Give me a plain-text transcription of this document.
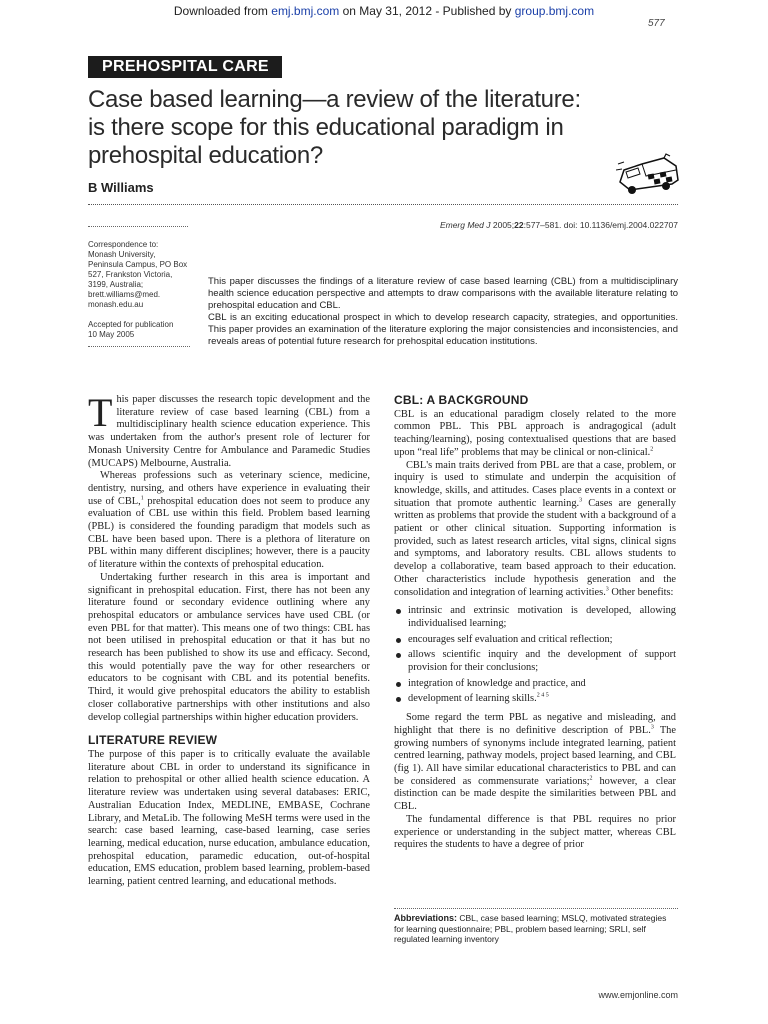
Downloaded from emj.bmj.com on May 31, 2012 - Published by group.bmj.com
577
PREHOSPITAL CARE
Case based learning—a review of the literature: is there scope for this educational paradigm in prehospital education?
B Williams
Emerg Med J 2005;22:577–581. doi: 10.1136/emj.2004.022707

Correspondence to:

Monash University,

Peninsula Campus, PO Box

527, Frankston Victoria,

3199, Australia;

brett.williams@med.

monash.edu.au

Accepted for publication

10 May 2005

This paper discusses the findings of a literature review of case based learning (CBL) from a multidisciplinary health science education perspective and attempts to draw comparisons with the available literature relating to prehospital education and CBL.

CBL is an exciting educational prospect in which to develop research capacity, strategies, and opportunities. This paper provides an examination of the literature exploring the major consistencies and inconsistencies, and reveals areas of potential future research for prehospital education institutions.

This paper discusses the research topic development and the literature review of case based learning (CBL) from a multidisciplinary health science education experience. This was undertaken from the author's present role of lecturer for Monash University Centre for Ambulance and Paramedic Studies (MUCAPS) Melbourne, Australia.

Whereas professions such as veterinary science, medicine, dentistry, nursing, and others have experience in evaluating their use of CBL,$^1$ prehospital education does not seem to produce any evaluation of CBL use within this field. Problem based learning (PBL) is considered the founding paradigm that models such as CBL have been based upon. There is a plethora of literature on PBL within many different disciplines; however, there is a paucity of literature within the contexts of prehospital education.

Undertaking further research in this area is important and significant in prehospital education. First, there has not been any literature found or secondary evidence outlining where any prehospital educators or ambulance services have used CBL (or even PBL for that matter). This means one of two things: CBL has not been utilised in prehospital education or that it has but no research has been published to show its use and efficacy. Second, this would potentially pave the way for other researchers or educators to be cognisant with CBL and its potential benefits. Third, it would give prehospital educators the ability to establish closer collaborative partnerships with other institutions and also develop collegial partnerships within higher education providers.

LITERATURE REVIEW

The purpose of this paper is to critically evaluate the available literature about CBL in order to understand its significance in relation to prehospital or other allied health science education. A literature review was undertaken using several databases: ERIC, Australian Education Index, MEDLINE, EMBASE, Cochrane Library, and MetaLib. The following MeSH terms were used in the search: case based learning, case-based learning, case series learning, medical education, nurse education, ambulance education, prehospital education, paramedic education, out-of-hospital education, EMS education, problem based learning, problem-based learning, patient centred learning, and educational methods.

CBL: A BACKGROUND

CBL is an educational paradigm closely related to the more common PBL. This PBL approach is andragogical (adult teaching/learning), posing contextualised questions that are based upon “real life” problems that may be clinical or non-clinical.$^2$

CBL's main traits derived from PBL are that a case, problem, or inquiry is used to stimulate and underpin the acquisition of knowledge, skills, and attitudes. Cases place events in a context or situation that promote authentic learning.$^3$ Cases are generally written as problems that provide the student with a background of a patient or other clinical situation. Supporting information is provided, such as latest research articles, vital signs, clinical signs and symptoms, and laboratory results. CBL allows students to develop a collaborative, team based approach to their education. Other characteristics include hypothesis generation and the consolidation and integration of learning activities.$^3$ Other benefits:

intrinsic and extrinsic motivation is developed, allowing individualised learning;
encourages self evaluation and critical reflection;
allows scientific inquiry and the development of support provision for their conclusions;
integration of knowledge and practice, and
development of learning skills.$^{2 4 5}$

Some regard the term PBL as negative and misleading, and highlight that there is no definitive description of PBL.$^3$ The growing numbers of synonyms include integrated learning, patient centred learning, pathway models, project based learning, and CBL (fig 1). All have similar educational characteristics to PBL and can be considered as commensurate variations;$^2$ however, a clear distinction can be made despite the similarities between PBL and CBL.

The fundamental difference is that PBL requires no prior experience or understanding in the subject matter, whereas CBL requires the students to have a degree of prior

Abbreviations: CBL, case based learning; MSLQ, motivated strategies for learning questionnaire; PBL, problem based learning; SRLI, self regulated learning inventory
www.emjonline.com
